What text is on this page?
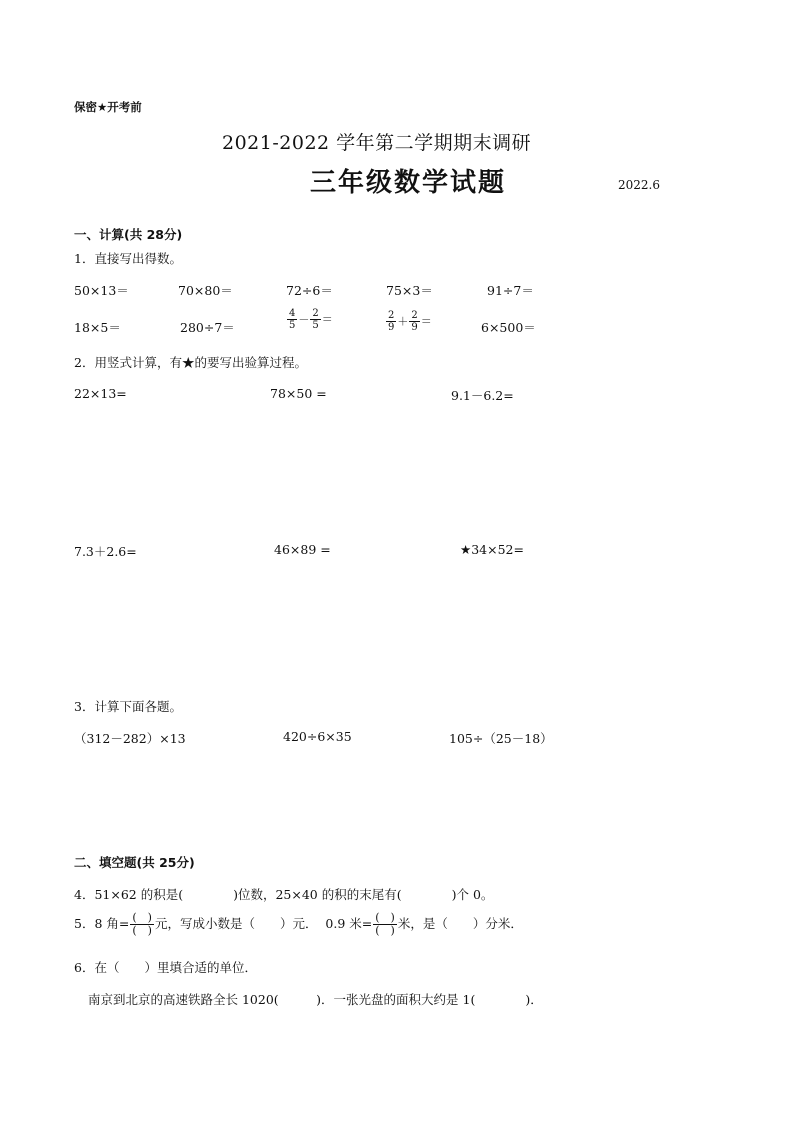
保密★开考前
2021-2022 学年第二学期期末调研
三年级数学试题	2022.6
一、计算(共 28分)
1．直接写出得数。
50×13＝	70×80＝	72÷6＝	75×3＝	91÷7＝
18×5＝	280÷7＝	$\frac{4}{5} - \frac{2}{5}$ ＝	$\frac{2}{9} + \frac{2}{9}$ ＝	6×500＝
2．用竖式计算，有★的要写出验算过程。
22×13=	78×50 =	9.1－6.2=
7.3＋2.6=	46×89 =	★34×52=
3．计算下面各题。
（312－282）×13	420÷6×35	105÷（25－18）
二、填空题(共 25分)
4．51×62 的积是(　　　　)位数，25×40 的积的末尾有(　　　　)个 0。
5．8 角= $\frac{( )}{( )}$ 元，写成小数是（　　）元． 0.9 米= $\frac{( )}{( )}$ 米，是（　　）分米．
6．在（　　）里填合适的单位．
南京到北京的高速铁路全长 1020(　　　)．一张光盘的面积大约是 1(　　　　)．
